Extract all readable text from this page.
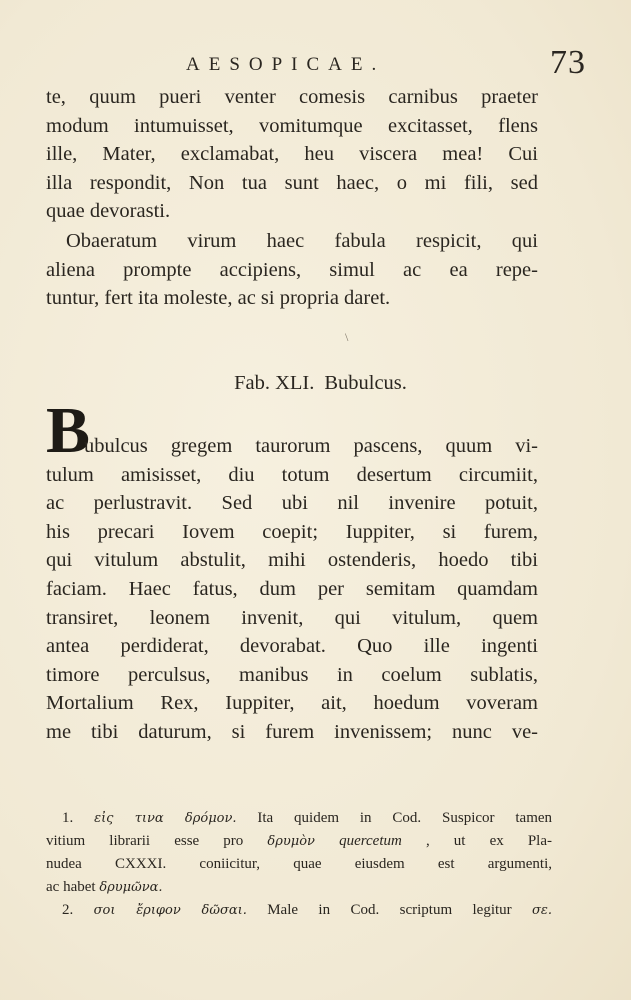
AESOPICAE.	73
te, quum pueri venter comesis carnibus praeter
modum intumuisset, vomitumque excitasset, flens
ille, Mater, exclamabat, heu viscera mea! Cui
illa respondit, Non tua sunt haec, o mi fili, sed
quae devorasti.
Obaeratum virum haec fabula respicit, qui
aliena prompte accipiens, simul ac ea repe-
tuntur, fert ita moleste, ac si propria daret.
\
Fab. XLI. Bubulcus.
B
ubulcus gregem taurorum pascens, quum vi-
tulum amisisset, diu totum desertum circumiit,
ac perlustravit. Sed ubi nil invenire potuit,
his precari Iovem coepit; Iuppiter, si furem,
qui vitulum abstulit, mihi ostenderis, hoedo tibi
faciam. Haec fatus, dum per semitam quamdam
transiret, leonem invenit, qui vitulum, quem
antea perdiderat, devorabat. Quo ille ingenti
timore perculsus, manibus in coelum sublatis,
Mortalium Rex, Iuppiter, ait, hoedum voveram
me tibi daturum, si furem invenissem; nunc ve-
1. εἰς τινα δρόμον. Ita quidem in Cod. Suspicor tamen
vitium librarii esse pro δρυμὸν quercetum , ut ex Pla-
nudea CXXXI. coniicitur, quae eiusdem est argumenti,
ac habet δρυμῶνα.
2. σοι ἔριφον δῶσαι. Male in Cod. scriptum legitur σε.
